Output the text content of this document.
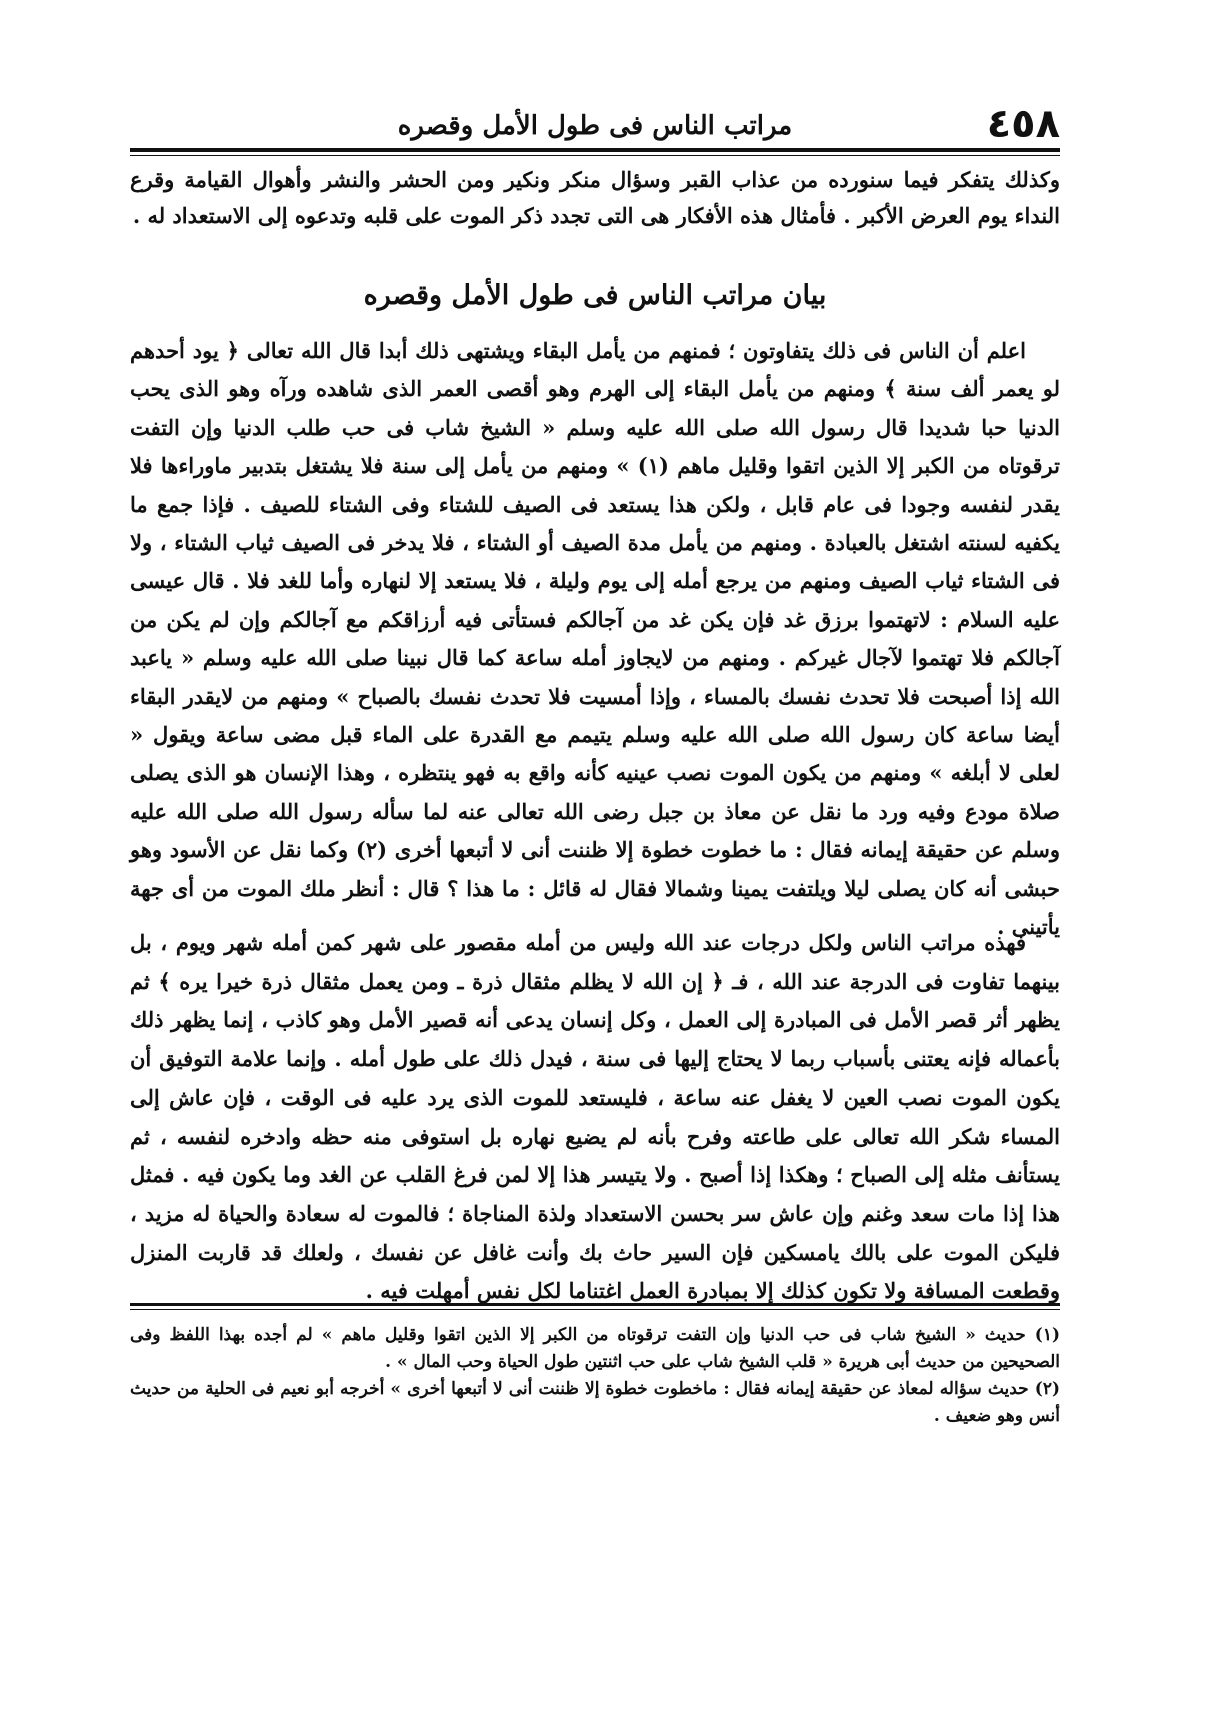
٤٥٨
مراتب الناس فى طول الأمل وقصره
وكذلك يتفكر فيما سنورده من عذاب القبر وسؤال منكر ونكير ومن الحشر والنشر وأهوال القيامة وقرع النداء يوم العرض الأكبر . فأمثال هذه الأفكار هى التى تجدد ذكر الموت على قلبه وتدعوه إلى الاستعداد له .
بيان مراتب الناس فى طول الأمل وقصره

اعلم أن الناس فى ذلك يتفاوتون ؛ فمنهم من يأمل البقاء ويشتهى ذلك أبدا قال الله تعالى ﴿ يود أحدهم لو يعمر ألف سنة ﴾ ومنهم من يأمل البقاء إلى الهرم وهو أقصى العمر الذى شاهده ورآه وهو الذى يحب الدنيا حبا شديدا قال رسول الله صلى الله عليه وسلم « الشيخ شاب فى حب طلب الدنيا وإن التفت ترقوتاه من الكبر إلا الذين اتقوا وقليل ماهم (١) » ومنهم من يأمل إلى سنة فلا يشتغل بتدبير ماوراءها فلا يقدر لنفسه وجودا فى عام قابل ، ولكن هذا يستعد فى الصيف للشتاء وفى الشتاء للصيف . فإذا جمع ما يكفيه لسنته اشتغل بالعبادة . ومنهم من يأمل مدة الصيف أو الشتاء ، فلا يدخر فى الصيف ثياب الشتاء ، ولا فى الشتاء ثياب الصيف ومنهم من يرجع أمله إلى يوم وليلة ، فلا يستعد إلا لنهاره وأما للغد فلا . قال عيسى عليه السلام : لاتهتموا برزق غد فإن يكن غد من آجالكم فستأتى فيه أرزاقكم مع آجالكم وإن لم يكن من آجالكم فلا تهتموا لآجال غيركم . ومنهم من لايجاوز أمله ساعة كما قال نبينا صلى الله عليه وسلم « ياعبد الله إذا أصبحت فلا تحدث نفسك بالمساء ، وإذا أمسيت فلا تحدث نفسك بالصباح » ومنهم من لايقدر البقاء أيضا ساعة كان رسول الله صلى الله عليه وسلم يتيمم مع القدرة على الماء قبل مضى ساعة ويقول « لعلى لا أبلغه » ومنهم من يكون الموت نصب عينيه كأنه واقع به فهو ينتظره ، وهذا الإنسان هو الذى يصلى صلاة مودع وفيه ورد ما نقل عن معاذ بن جبل رضى الله تعالى عنه لما سأله رسول الله صلى الله عليه وسلم عن حقيقة إيمانه فقال : ما خطوت خطوة إلا ظننت أنى لا أتبعها أخرى (٢) وكما نقل عن الأسود وهو حبشى أنه كان يصلى ليلا ويلتفت يمينا وشمالا فقال له قائل : ما هذا ؟ قال : أنظر ملك الموت من أى جهة يأتينى .

فهذه مراتب الناس ولكل درجات عند الله وليس من أمله مقصور على شهر كمن أمله شهر ويوم ، بل بينهما تفاوت فى الدرجة عند الله ، فـ ﴿ إن الله لا يظلم مثقال ذرة ـ ومن يعمل مثقال ذرة خيرا يره ﴾ ثم يظهر أثر قصر الأمل فى المبادرة إلى العمل ، وكل إنسان يدعى أنه قصير الأمل وهو كاذب ، إنما يظهر ذلك بأعماله فإنه يعتنى بأسباب ربما لا يحتاج إليها فى سنة ، فيدل ذلك على طول أمله . وإنما علامة التوفيق أن يكون الموت نصب العين لا يغفل عنه ساعة ، فليستعد للموت الذى يرد عليه فى الوقت ، فإن عاش إلى المساء شكر الله تعالى على طاعته وفرح بأنه لم يضيع نهاره بل استوفى منه حظه وادخره لنفسه ، ثم يستأنف مثله إلى الصباح ؛ وهكذا إذا أصبح . ولا يتيسر هذا إلا لمن فرغ القلب عن الغد وما يكون فيه . فمثل هذا إذا مات سعد وغنم وإن عاش سر بحسن الاستعداد ولذة المناجاة ؛ فالموت له سعادة والحياة له مزيد ، فليكن الموت على بالك يامسكين فإن السير حاث بك وأنت غافل عن نفسك ، ولعلك قد قاربت المنزل وقطعت المسافة ولا تكون كذلك إلا بمبادرة العمل اغتناما لكل نفس أمهلت فيه .

(١) حديث « الشيخ شاب فى حب الدنيا وإن التفت ترقوتاه من الكبر إلا الذين اتقوا وقليل ماهم » لم أجده بهذا اللفظ وفى الصحيحين من حديث أبى هريرة « قلب الشيخ شاب على حب اثنتين طول الحياة وحب المال » .

(٢) حديث سؤاله لمعاذ عن حقيقة إيمانه فقال : ماخطوت خطوة إلا ظننت أنى لا أتبعها أخرى » أخرجه أبو نعيم فى الحلية من حديث أنس وهو ضعيف .
